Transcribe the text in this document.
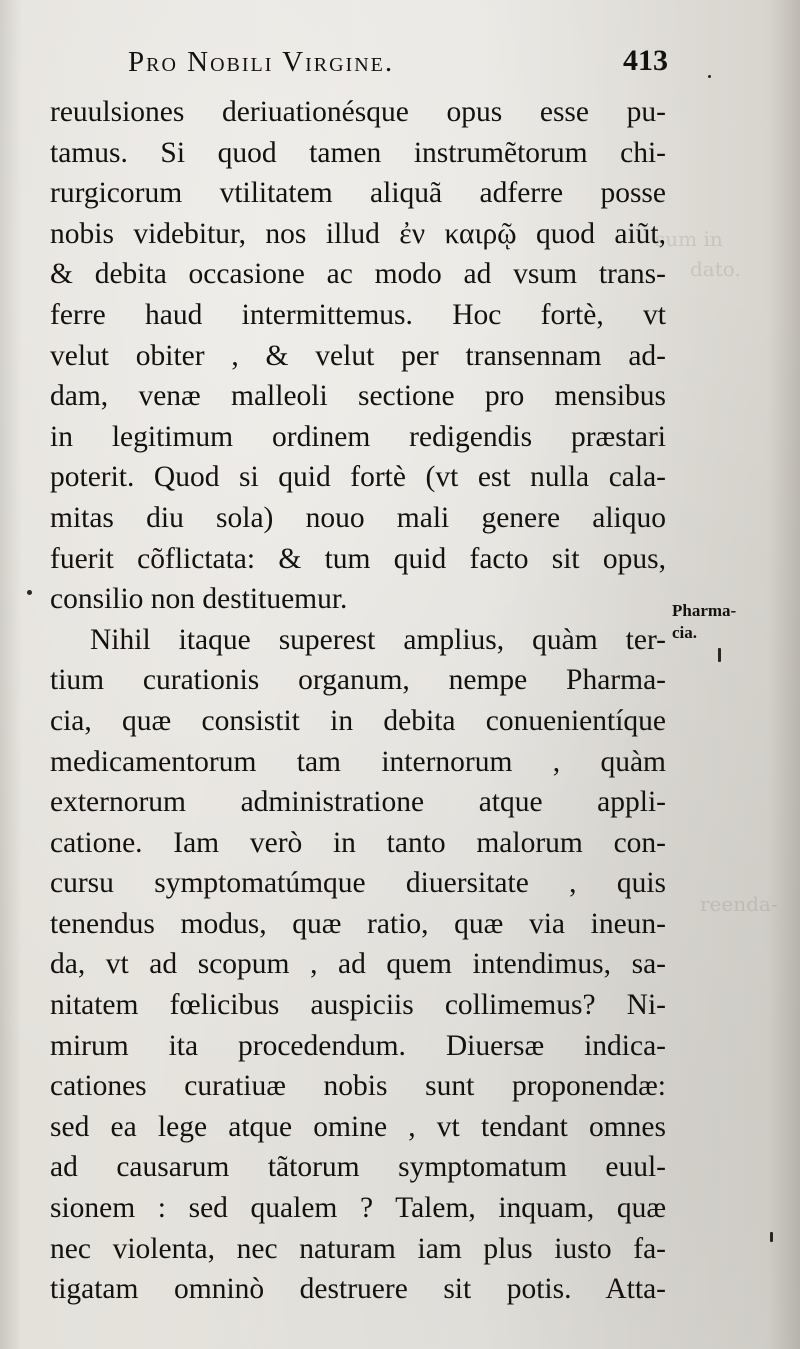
sum in
dato.
reenda-
Pro Nobili Virgine.	413
reuulsiones deriuationésque opus esse pu-
tamus. Si quod tamen instrumẽtorum chi-
rurgicorum vtilitatem aliquã adferre posse
nobis videbitur, nos illud ἐν καιρῷ quod aiũt,
& debita occasione ac modo ad vsum trans-
ferre haud intermittemus. Hoc fortè, vt
velut obiter , & velut per transennam ad-
dam, venæ malleoli sectione pro mensibus
in legitimum ordinem redigendis præstari
poterit. Quod si quid fortè (vt est nulla cala-
mitas diu sola) nouo mali genere aliquo
fuerit cõflictata: & tum quid facto sit opus,
consilio non destituemur.
Nihil itaque superest amplius, quàm ter-
tium curationis organum, nempe Pharma-
cia, quæ consistit in debita conuenientíque
medicamentorum tam internorum , quàm
externorum administratione atque appli-
catione. Iam verò in tanto malorum con-
cursu symptomatúmque diuersitate , quis
tenendus modus, quæ ratio, quæ via ineun-
da, vt ad scopum , ad quem intendimus, sa-
nitatem fœlicibus auspiciis collimemus? Ni-
mirum ita procedendum. Diuersæ indica-
cationes curatiuæ nobis sunt proponendæ:
sed ea lege atque omine , vt tendant omnes
ad causarum tãtorum symptomatum euul-
sionem : sed qualem ? Talem, inquam, quæ
nec violenta, nec naturam iam plus iusto fa-
tigatam omninò destruere sit potis. Atta-
Pharma-
cia.
